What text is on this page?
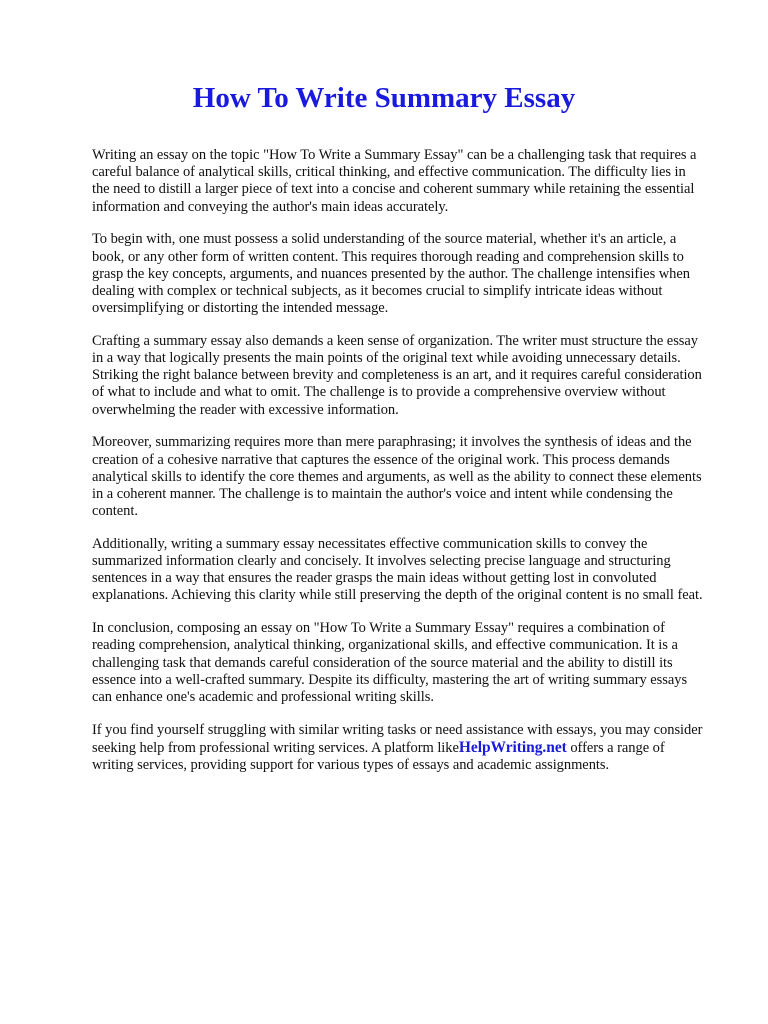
How To Write Summary Essay

Writing an essay on the topic "How To Write a Summary Essay" can be a challenging task that requires a careful balance of analytical skills, critical thinking, and effective communication. The difficulty lies in the need to distill a larger piece of text into a concise and coherent summary while retaining the essential information and conveying the author's main ideas accurately.

To begin with, one must possess a solid understanding of the source material, whether it's an article, a book, or any other form of written content. This requires thorough reading and comprehension skills to grasp the key concepts, arguments, and nuances presented by the author. The challenge intensifies when dealing with complex or technical subjects, as it becomes crucial to simplify intricate ideas without oversimplifying or distorting the intended message.

Crafting a summary essay also demands a keen sense of organization. The writer must structure the essay in a way that logically presents the main points of the original text while avoiding unnecessary details. Striking the right balance between brevity and completeness is an art, and it requires careful consideration of what to include and what to omit. The challenge is to provide a comprehensive overview without overwhelming the reader with excessive information.

Moreover, summarizing requires more than mere paraphrasing; it involves the synthesis of ideas and the creation of a cohesive narrative that captures the essence of the original work. This process demands analytical skills to identify the core themes and arguments, as well as the ability to connect these elements in a coherent manner. The challenge is to maintain the author's voice and intent while condensing the content.

Additionally, writing a summary essay necessitates effective communication skills to convey the summarized information clearly and concisely. It involves selecting precise language and structuring sentences in a way that ensures the reader grasps the main ideas without getting lost in convoluted explanations. Achieving this clarity while still preserving the depth of the original content is no small feat.

In conclusion, composing an essay on "How To Write a Summary Essay" requires a combination of reading comprehension, analytical thinking, organizational skills, and effective communication. It is a challenging task that demands careful consideration of the source material and the ability to distill its essence into a well-crafted summary. Despite its difficulty, mastering the art of writing summary essays can enhance one's academic and professional writing skills.

If you find yourself struggling with similar writing tasks or need assistance with essays, you may consider seeking help from professional writing services. A platform likeHelpWriting.net offers a range of writing services, providing support for various types of essays and academic assignments.
